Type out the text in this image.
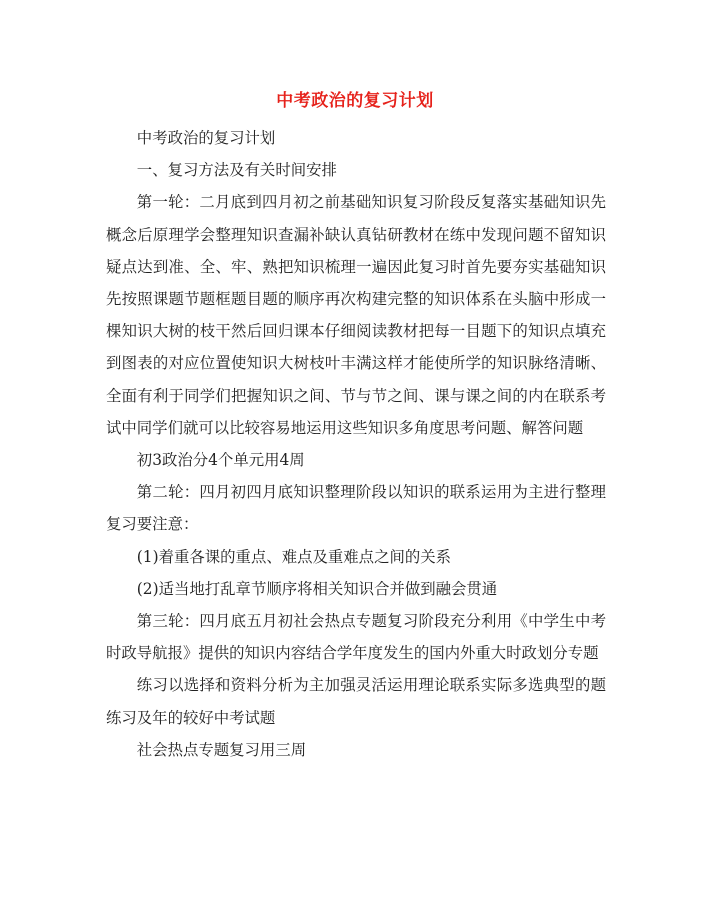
中考政治的复习计划

中考政治的复习计划

一、复习方法及有关时间安排

第一轮：二月底到四月初之前基础知识复习阶段反复落实基础知识先概念后原理学会整理知识查漏补缺认真钻研教材在练中发现问题不留知识疑点达到准、全、牢、熟把知识梳理一遍因此复习时首先要夯实基础知识先按照课题节题框题目题的顺序再次构建完整的知识体系在头脑中形成一棵知识大树的枝干然后回归课本仔细阅读教材把每一目题下的知识点填充到图表的对应位置使知识大树枝叶丰满这样才能使所学的知识脉络清晰、全面有利于同学们把握知识之间、节与节之间、课与课之间的内在联系考试中同学们就可以比较容易地运用这些知识多角度思考问题、解答问题

初3政治分4个单元用4周

第二轮：四月初四月底知识整理阶段以知识的联系运用为主进行整理复习要注意：

(1)着重各课的重点、难点及重难点之间的关系

(2)适当地打乱章节顺序将相关知识合并做到融会贯通

第三轮：四月底五月初社会热点专题复习阶段充分利用《中学生中考时政导航报》提供的知识内容结合学年度发生的国内外重大时政划分专题

练习以选择和资料分析为主加强灵活运用理论联系实际多选典型的题练习及年的较好中考试题

社会热点专题复习用三周
